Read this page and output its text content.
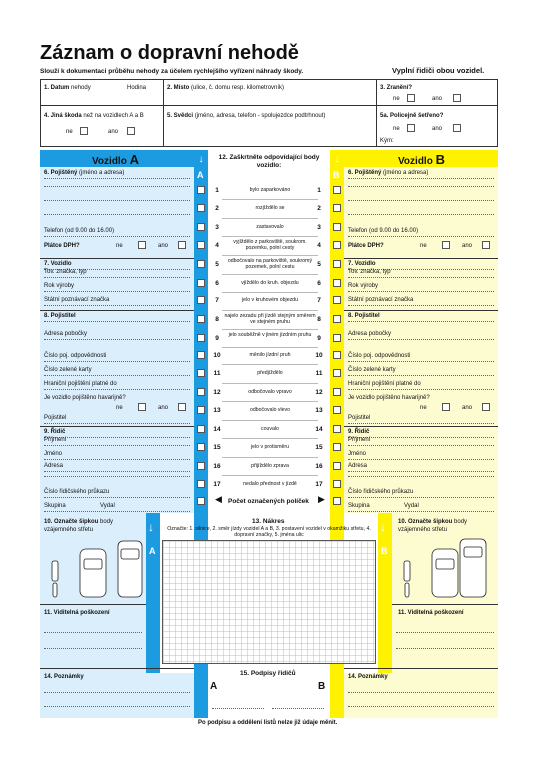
Záznam o dopravní nehodě
Slouží k dokumentaci průběhu nehody za účelem rychlejšího vyřízení náhrady škody.	Vyplní řidiči obou vozidel.
1. Datum nehody	Hodina	2. Místo (ulice, č. domu resp. kilometrovník)	3. Zranění?
ne	ano
4. Jiná škoda než na vozidlech A a B
ne	ano
5. Svědci (jméno, adresa, telefon - spolujezdce podtrhnout)	5a. Policejně šetřeno?
ne	ano
Kým:
Vozidlo A	Vozidlo B
↓
A
↓
B
6. Pojištěný (jméno a adresa)
Telefon (od 9.00 do 16.00)
Plátce DPH?	ne	ano
7. Vozidlo
Tov. značka, typ
Rok výroby
Státní poznávací značka
8. Pojistitel
Adresa pobočky
Číslo poj. odpovědnosti
Číslo zelené karty
Hraniční pojištění platné do
Je vozidlo pojištěno havarijně?
ne	ano
Pojistitel
9. Řidič
Příjmení
Jméno
Adresa
Číslo řidičského průkazu
Skupina	Vydal
6. Pojištěný (jméno a adresa)
Telefon (od 9.00 do 16.00)
Plátce DPH?	ne	ano
7. Vozidlo
Tov. značka, typ
Rok výroby
Státní poznávací značka
8. Pojistitel
Adresa pobočky
Číslo poj. odpovědnosti
Číslo zelené karty
Hraniční pojištění platné do
Je vozidlo pojištěno havarijně?
ne	ano
Pojistitel
9. Řidič
Příjmení
Jméno
Adresa
Číslo řidičského průkazu
Skupina	Vydal
12. Zaškrtněte odpovídající body vozidlo:
1	1
bylo zaparkováno
2	2
rozjíždělo se
3	3
zastavovalo
4	4
vyjíždělo z parkoviště, soukrom. pozemku, polní cesty
5	5
odbočovalo na parkoviště, soukromý pozemek, polní cestu
6	6
vjíždělo do kruh. objezdu
7	7
jelo v kruhovém objezdu
8	8
najelo zezadu při jízdě stejným směrem ve stejném pruhu
9	9
jelo souběžně v jiném jízdním pruhu
10	10
měnilo jízdní pruh
11	11
předjíždělo
12	12
odbočovalo vpravo
13	13
odbočovalo vlevo
14	14
couvalo
15	15
jelo v protisměru
16	16
přijíždělo zprava
17	17
nedalo přednost v jízdě
Počet označených políček
◀	▶
↓
A
↓
B
10. Označte šipkou body
vzájemného střetu
10. Označte šipkou body
vzájemného střetu
11. Viditelná poškození	11. Viditelná poškození
14. Poznámky	14. Poznámky
13. Nákres
Označte: 1. silnice, 2. směr jízdy vozidel A a B, 3. postavení vozidel v okamžiku střetu, 4. dopravní značky, 5. jména ulic
15. Podpisy řidičů
A	B
Po podpisu a oddělení listů nelze již údaje měnit.
